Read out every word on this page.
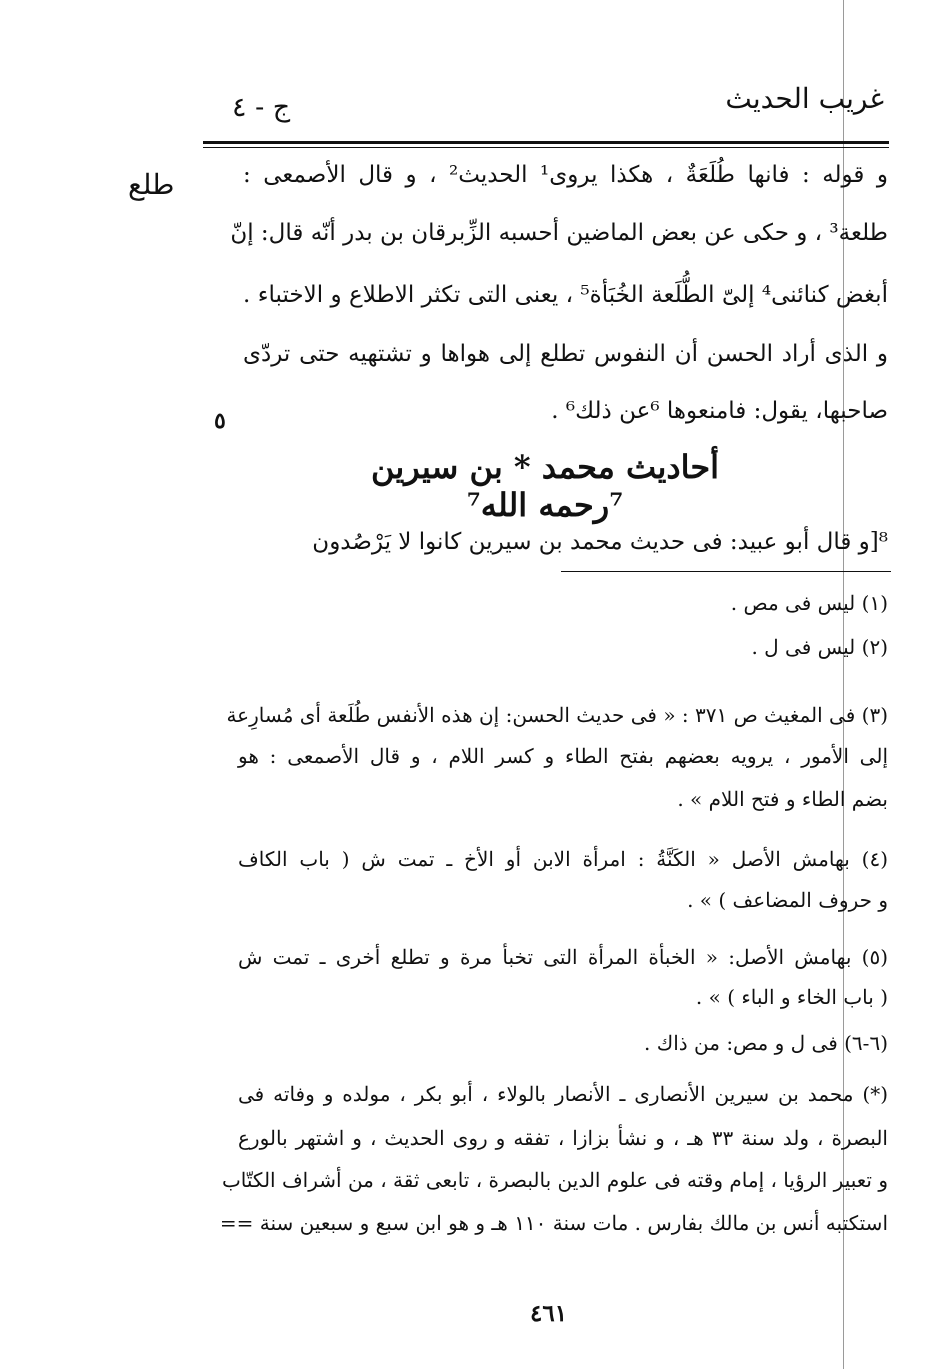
ج - ٤	غريب الحديث
طلع
٥
و قوله : فانها طُلَعَةٌ ، هكذا يروى¹ الحديث² ، و قال الأصمعى :
طلعة³ ، و حكى عن بعض الماضين أحسبه الزِّبرقان بن بدر أنّه قال: إنّ
أبغض كنائنى⁴ إلىّ الطُّلَعة الخُبَأة⁵ ، يعنى التى تكثر الاطلاع و الاختباء .
و الذى أراد الحسن أن النفوس تطلع إلى هواها و تشتهيه حتى تردّى
صاحبها، يقول: فامنعوها ⁶عن ذلك⁶ .
أحاديث محمد * بن سيرين ⁷رحمه الله⁷
⁸[و قال أبو عبيد: فى حديث محمد بن سيرين كانوا لا يَرْصُدون
(١) ليس فى مص .
(٢) ليس فى ل .
(٣) فى المغيث ص ٣٧١ : « فى حديث الحسن: إن هذه الأنفس طُلَعة أى مُسارِعة
إلى الأمور ، يرويه بعضهم بفتح الطاء و كسر اللام ، و قال الأصمعى : هو
بضم الطاء و فتح اللام » .
(٤) بهامش الأصل « الكَنَّةُ : امرأة الابن أو الأخ ـ تمت ش ( باب الكاف
و حروف المضاعف ) » .
(٥) بهامش الأصل: « الخبأة المرأة التى تخبأ مرة و تطلع أخرى ـ تمت ش
( باب الخاء و الباء ) » .
(٦-٦) فى ل و مص: من ذاك .
(*) محمد بن سيرين الأنصارى ـ الأنصار بالولاء ، أبو بكر ، مولده و وفاته فى
البصرة ، ولد سنة ٣٣ هـ ، و نشأ بزازا ، تفقه و روى الحديث ، و اشتهر بالورع
و تعبير الرؤيا ، إمام وقته فى علوم الدين بالبصرة ، تابعى ثقة ، من أشراف الكتّاب
استكتبه أنس بن مالك بفارس . مات سنة ١١٠ هـ و هو ابن سبع و سبعين سنة ==
٤٦١
